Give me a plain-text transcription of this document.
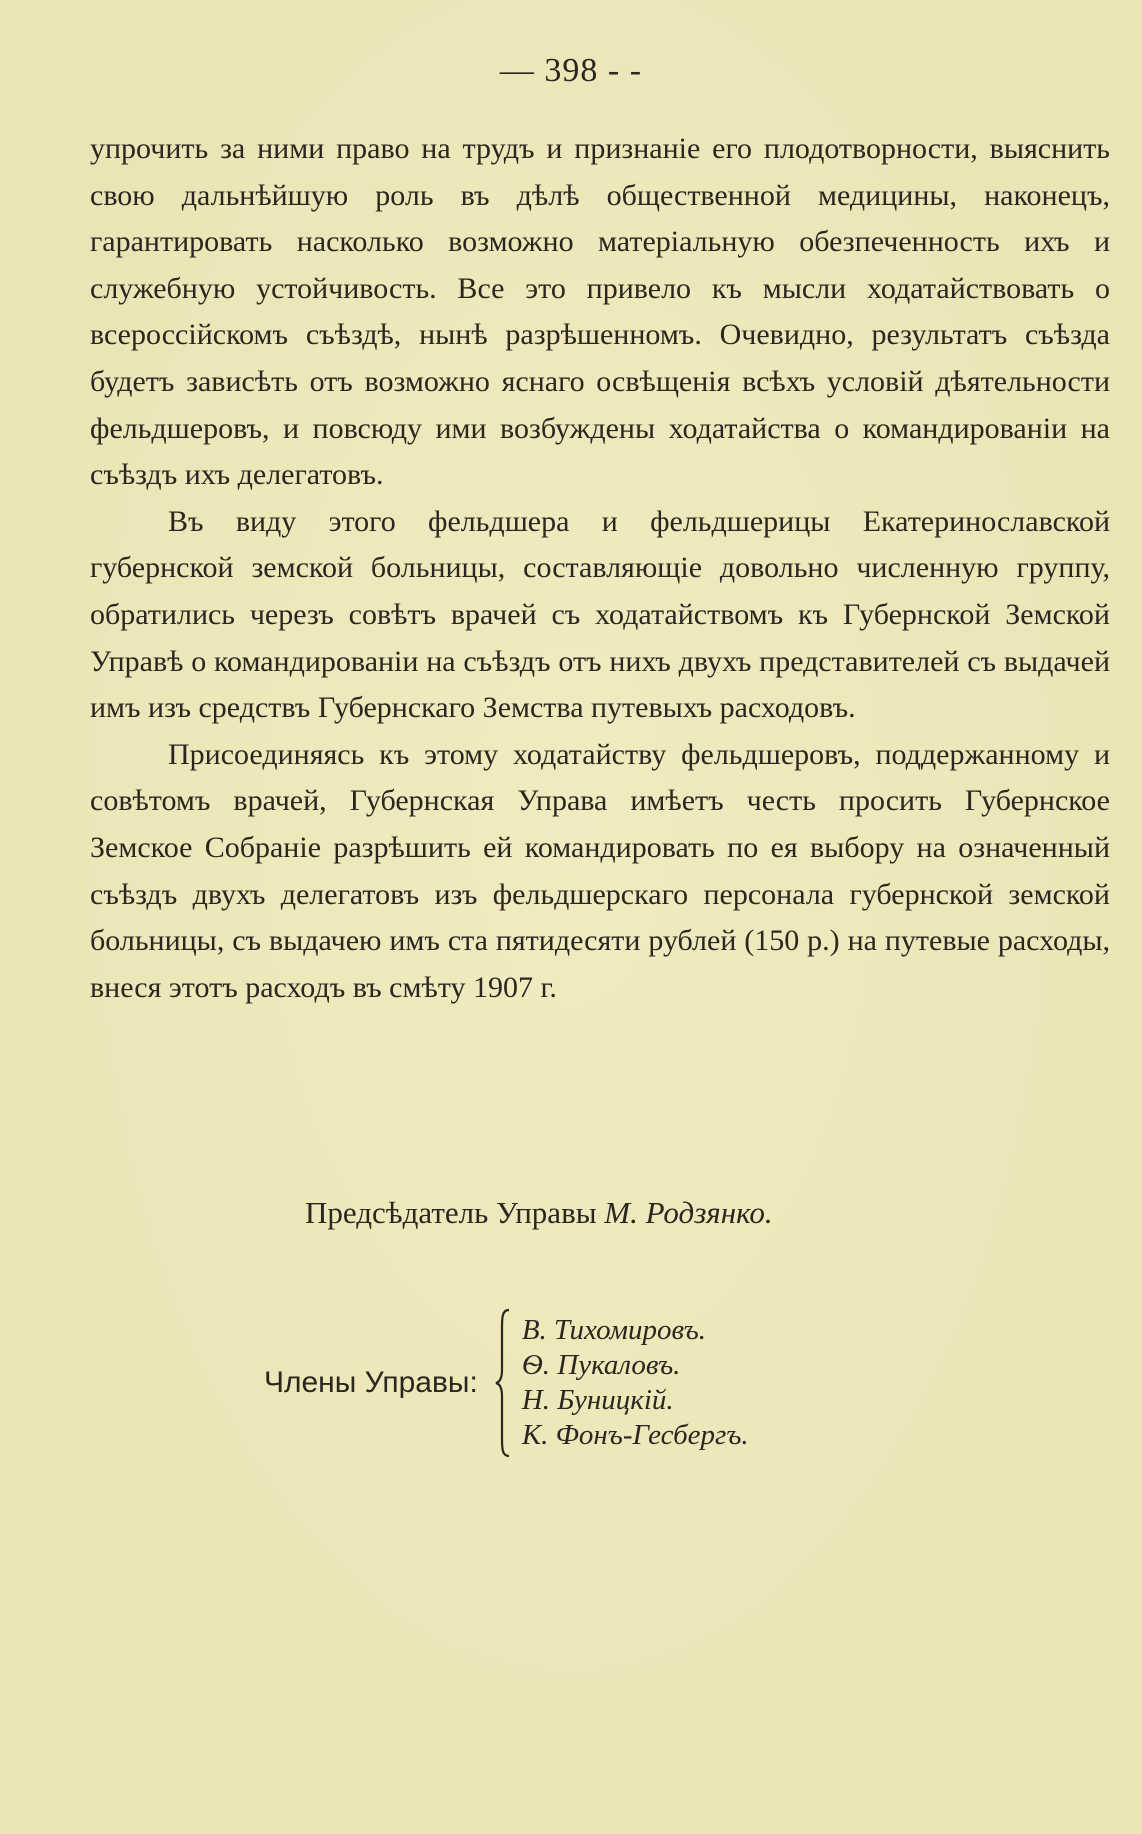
— 398 - -

упрочить за ними право на трудъ и признанiе его плодотворности, выяснить свою дальнѣйшую роль въ дѣлѣ общественной медицины, наконецъ, гарантировать насколько возможно матерiальную обезпеченность ихъ и служебную устойчивость. Все это привело къ мысли ходатайствовать о всероссiйскомъ съѣздѣ, нынѣ разрѣшенномъ. Очевидно, результатъ съѣзда будетъ зависѣть отъ возможно яснаго освѣщенiя всѣхъ условiй дѣятельности фельдшеровъ, и повсюду ими возбуждены ходатайства о командированiи на съѣздъ ихъ делегатовъ.

Въ виду этого фельдшера и фельдшерицы Екатеринославской губернской земской больницы, составляющiе довольно численную группу, обратились черезъ совѣтъ врачей съ ходатайствомъ къ Губернской Земской Управѣ о командированiи на съѣздъ отъ нихъ двухъ представителей съ выдачей имъ изъ средствъ Губернскаго Земства путевыхъ расходовъ.

Присоединяясь къ этому ходатайству фельдшеровъ, поддержанному и совѣтомъ врачей, Губернская Управа имѣетъ честь просить Губернское Земское Собранiе разрѣшить ей командировать по ея выбору на означенный съѣздъ двухъ делегатовъ изъ фельдшерскаго персонала губернской земской больницы, съ выдачею имъ ста пятидесяти рублей (150 р.) на путевые расходы, внеся этотъ расходъ въ смѣту 1907 г.

Предсѣдатель Управы М. Родзянко.
Члены Управы:
В. Тихомировъ.
Ѳ. Пукаловъ.
Н. Буницкiй.
К. Фонъ-Гесбергъ.
